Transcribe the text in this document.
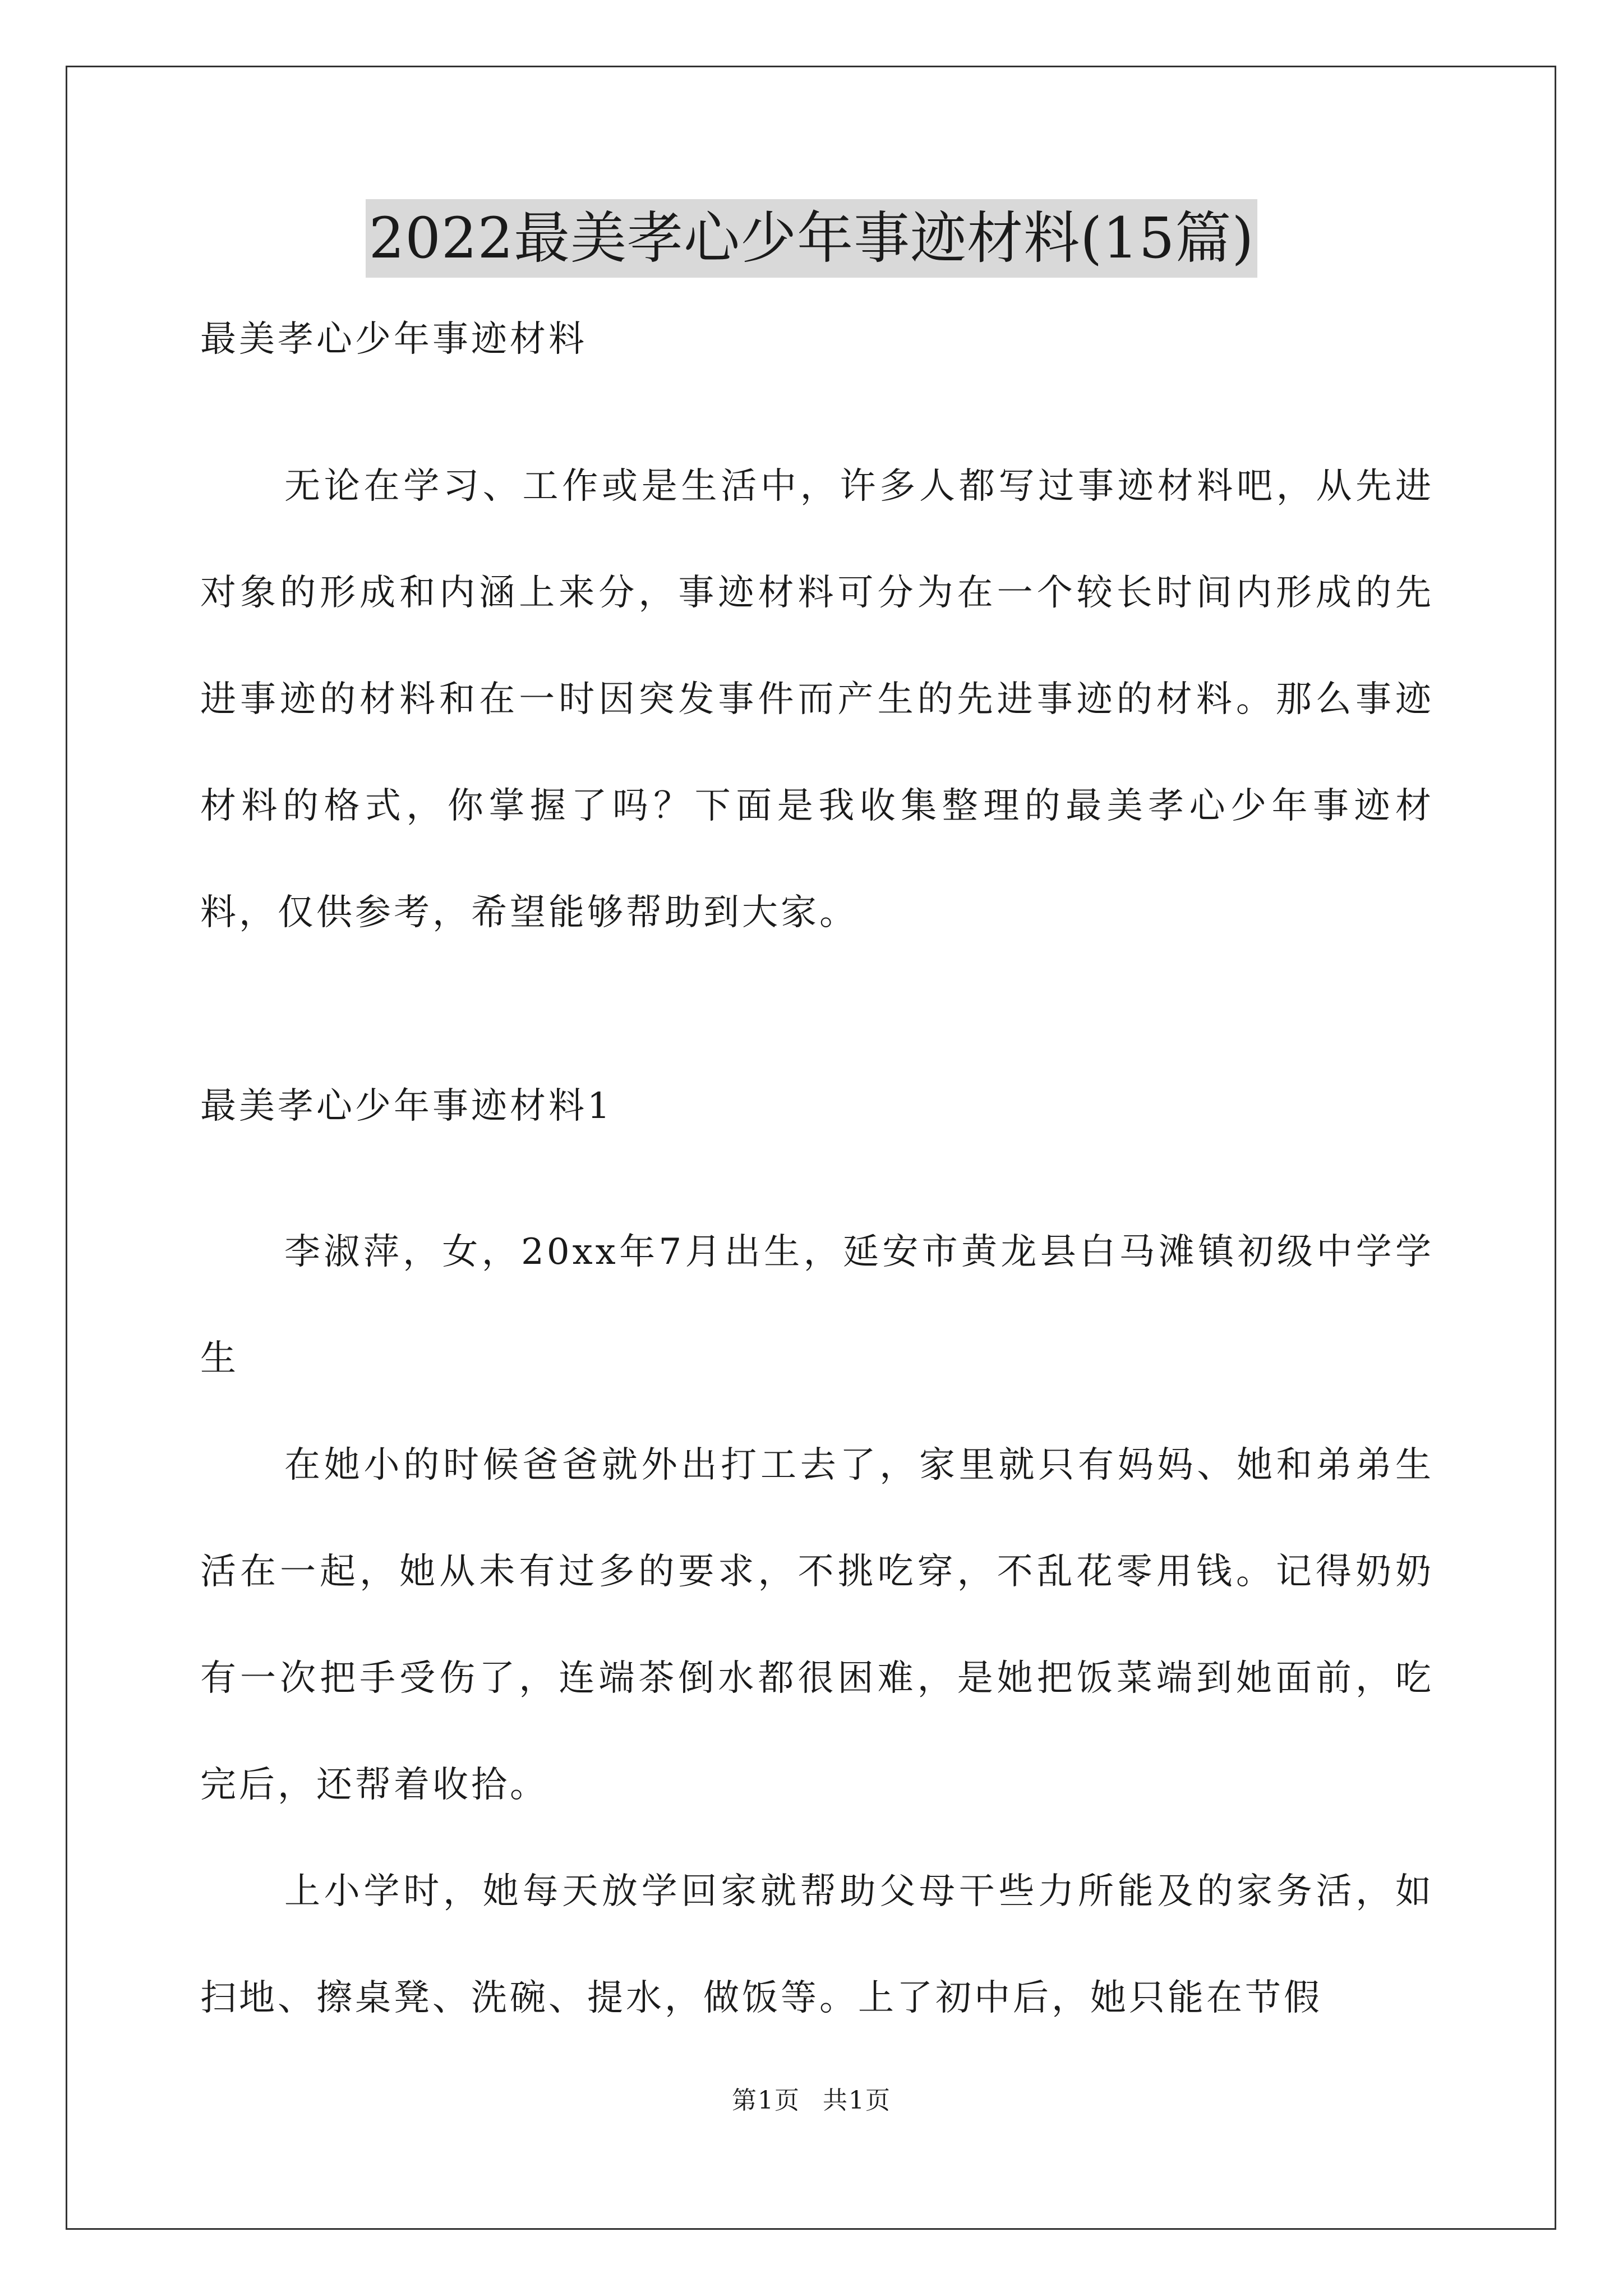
2022最美孝心少年事迹材料(15篇)
最美孝心少年事迹材料

无论在学习、工作或是生活中，许多人都写过事迹材料吧，从先进对象的形成和内涵上来分，事迹材料可分为在一个较长时间内形成的先进事迹的材料和在一时因突发事件而产生的先进事迹的材料。那么事迹材料的格式，你掌握了吗？下面是我收集整理的最美孝心少年事迹材料，仅供参考，希望能够帮助到大家。

最美孝心少年事迹材料1

李淑萍，女，20xx年7月出生，延安市黄龙县白马滩镇初级中学学生

在她小的时候爸爸就外出打工去了，家里就只有妈妈、她和弟弟生活在一起，她从未有过多的要求，不挑吃穿，不乱花零用钱。记得奶奶有一次把手受伤了，连端茶倒水都很困难，是她把饭菜端到她面前，吃完后，还帮着收拾。

上小学时，她每天放学回家就帮助父母干些力所能及的家务活，如扫地、擦桌凳、洗碗、提水，做饭等。上了初中后，她只能在节假

第1页 共1页
